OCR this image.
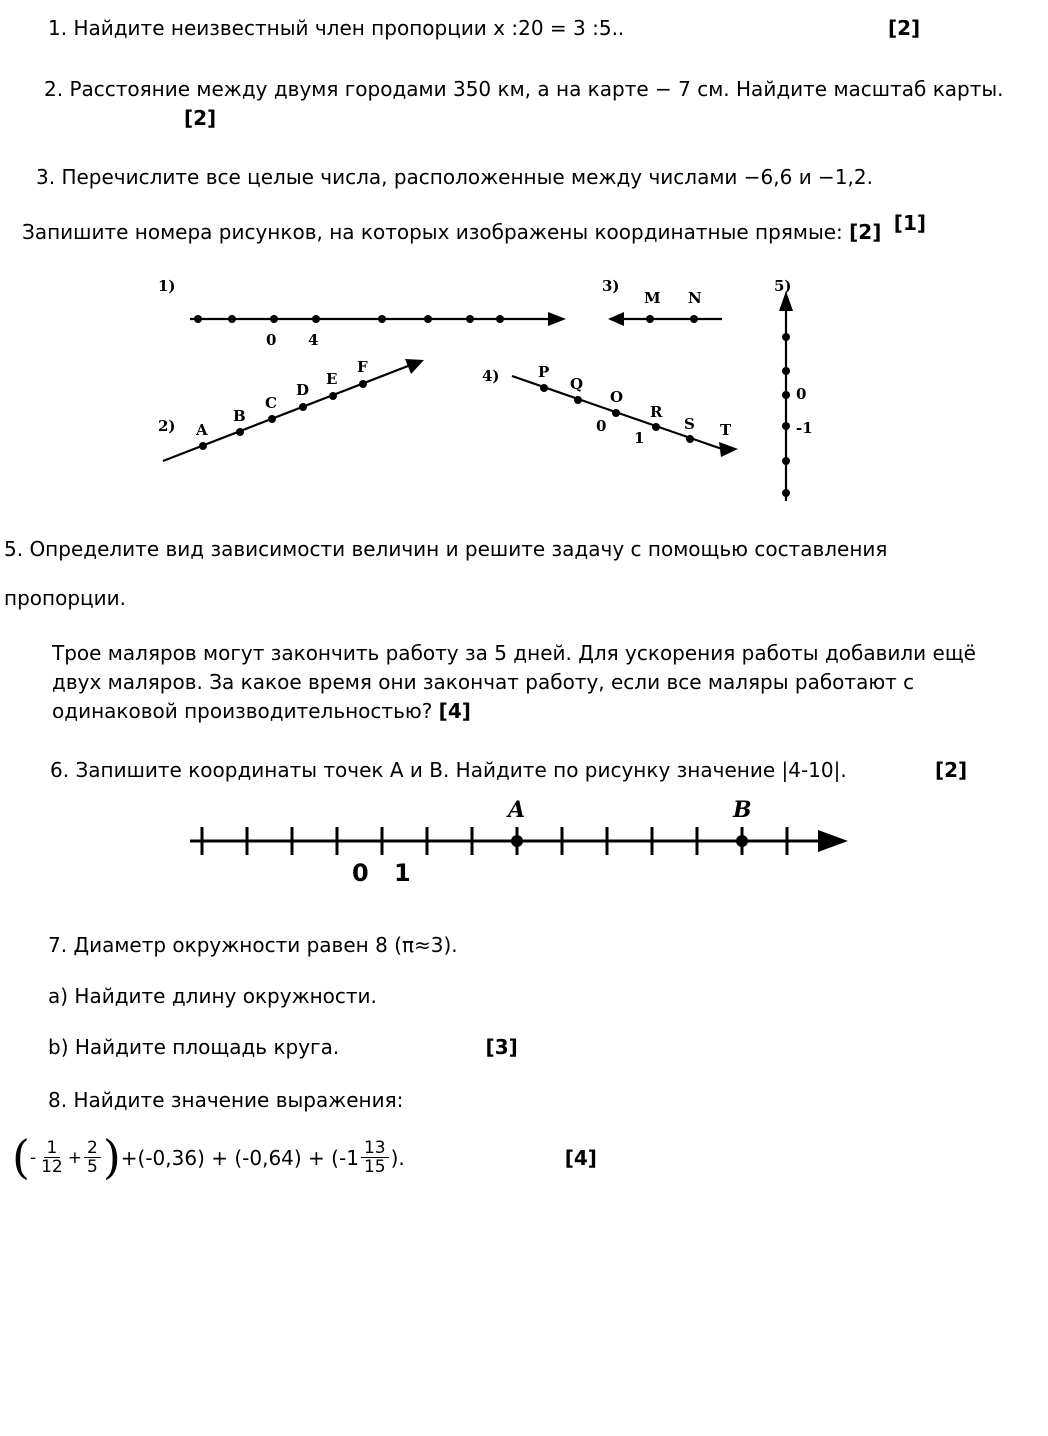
1. Найдите неизвестный член пропорции x :20 = 3 :5..	[2]
2. Расстояние между двумя городами 350 км, а на карте − 7 см. Найдите масштаб карты. [2]
3. Перечислите все целые числа, расположенные между числами −6,6 и −1,2.
[1]
Запишите номера рисунков, на которых изображены координатные прямые: [2]

1)
2)
3)
4)
5)
0 4
A
B
C
D
E
F
M N
P
Q
O
R
S T
0
1
0
-1
5. Определите вид зависимости величин и решите задачу с помощью составления
пропорции.
Трое маляров могут закончить работу за 5 дней. Для ускорения работы добавили ещё двух маляров. За какое время они закончат работу, если все маляры работают с одинаковой производительностью? [4]
6. Запишите координаты точек А и В. Найдите по рисунку значение |4-10|.	[2]
A	B
0 1
7. Диаметр окружности равен 8 (π≈3).
a) Найдите длину окружности.
b) Найдите площадь круга.	[3]
8. Найдите значение выражения:
( - $\frac{1}{12} + \frac{2}{5}$ ) +(-0,36) + (-0,64) + (- $1 \frac{13}{15}$ ).	[4]
